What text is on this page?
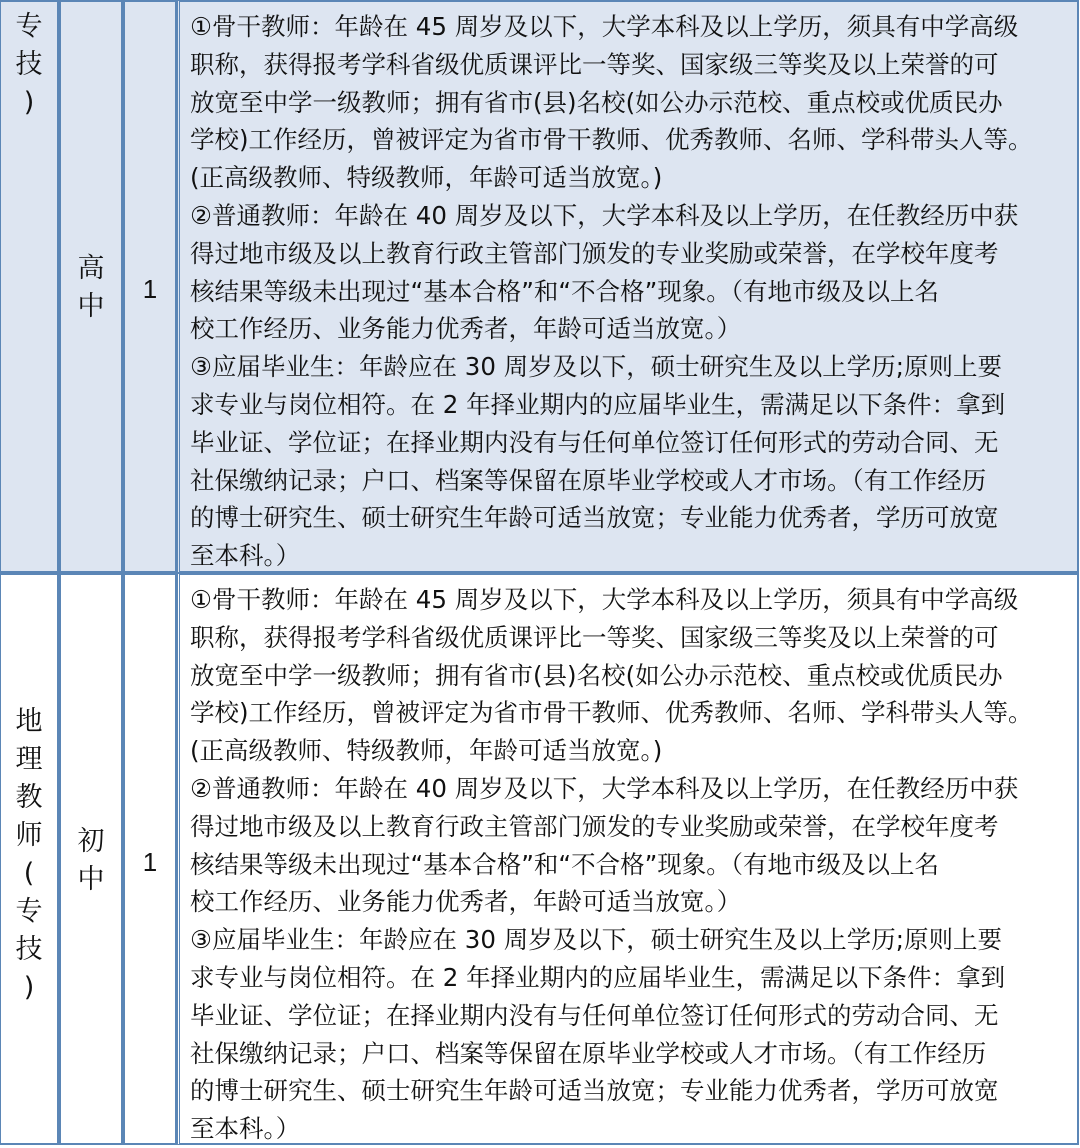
专
技
)
高
中
1
①骨干教师：年龄在 45 周岁及以下，大学本科及以上学历，须具有中学高级
职称，获得报考学科省级优质课评比一等奖、国家级三等奖及以上荣誉的可
放宽至中学一级教师；拥有省市(县)名校(如公办示范校、重点校或优质民办
学校)工作经历，曾被评定为省市骨干教师、优秀教师、名师、学科带头人等。
(正高级教师、特级教师，年龄可适当放宽。)
②普通教师：年龄在 40 周岁及以下，大学本科及以上学历，在任教经历中获
得过地市级及以上教育行政主管部门颁发的专业奖励或荣誉，在学校年度考
核结果等级未出现过“基本合格”和“不合格”现象。（有地市级及以上名
校工作经历、业务能力优秀者，年龄可适当放宽。）
③应届毕业生：年龄应在 30 周岁及以下，硕士研究生及以上学历;原则上要
求专业与岗位相符。在 2 年择业期内的应届毕业生，需满足以下条件：拿到
毕业证、学位证；在择业期内没有与任何单位签订任何形式的劳动合同、无
社保缴纳记录；户口、档案等保留在原毕业学校或人才市场。（有工作经历
的博士研究生、硕士研究生年龄可适当放宽；专业能力优秀者，学历可放宽
至本科。）
地
理
教
师
(
专
技
)
初
中
1
①骨干教师：年龄在 45 周岁及以下，大学本科及以上学历，须具有中学高级
职称，获得报考学科省级优质课评比一等奖、国家级三等奖及以上荣誉的可
放宽至中学一级教师；拥有省市(县)名校(如公办示范校、重点校或优质民办
学校)工作经历，曾被评定为省市骨干教师、优秀教师、名师、学科带头人等。
(正高级教师、特级教师，年龄可适当放宽。)
②普通教师：年龄在 40 周岁及以下，大学本科及以上学历，在任教经历中获
得过地市级及以上教育行政主管部门颁发的专业奖励或荣誉，在学校年度考
核结果等级未出现过“基本合格”和“不合格”现象。（有地市级及以上名
校工作经历、业务能力优秀者，年龄可适当放宽。）
③应届毕业生：年龄应在 30 周岁及以下，硕士研究生及以上学历;原则上要
求专业与岗位相符。在 2 年择业期内的应届毕业生，需满足以下条件：拿到
毕业证、学位证；在择业期内没有与任何单位签订任何形式的劳动合同、无
社保缴纳记录；户口、档案等保留在原毕业学校或人才市场。（有工作经历
的博士研究生、硕士研究生年龄可适当放宽；专业能力优秀者，学历可放宽
至本科。）
